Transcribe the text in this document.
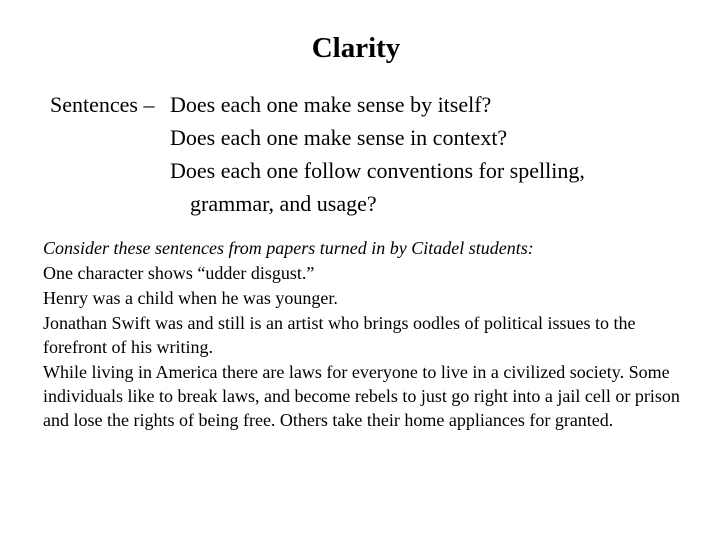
Clarity
Sentences – Does each one make sense by itself?
Does each one make sense in context?
Does each one follow conventions for spelling,
grammar, and usage?

Consider these sentences from papers turned in by Citadel students:

One character shows “udder disgust.”

Henry was a child when he was younger.

Jonathan Swift was and still is an artist who brings oodles of political issues to the forefront of his writing.

While living in America there are laws for everyone to live in a civilized society. Some individuals like to break laws, and become rebels to just go right into a jail cell or prison and lose the rights of being free. Others take their home appliances for granted.
